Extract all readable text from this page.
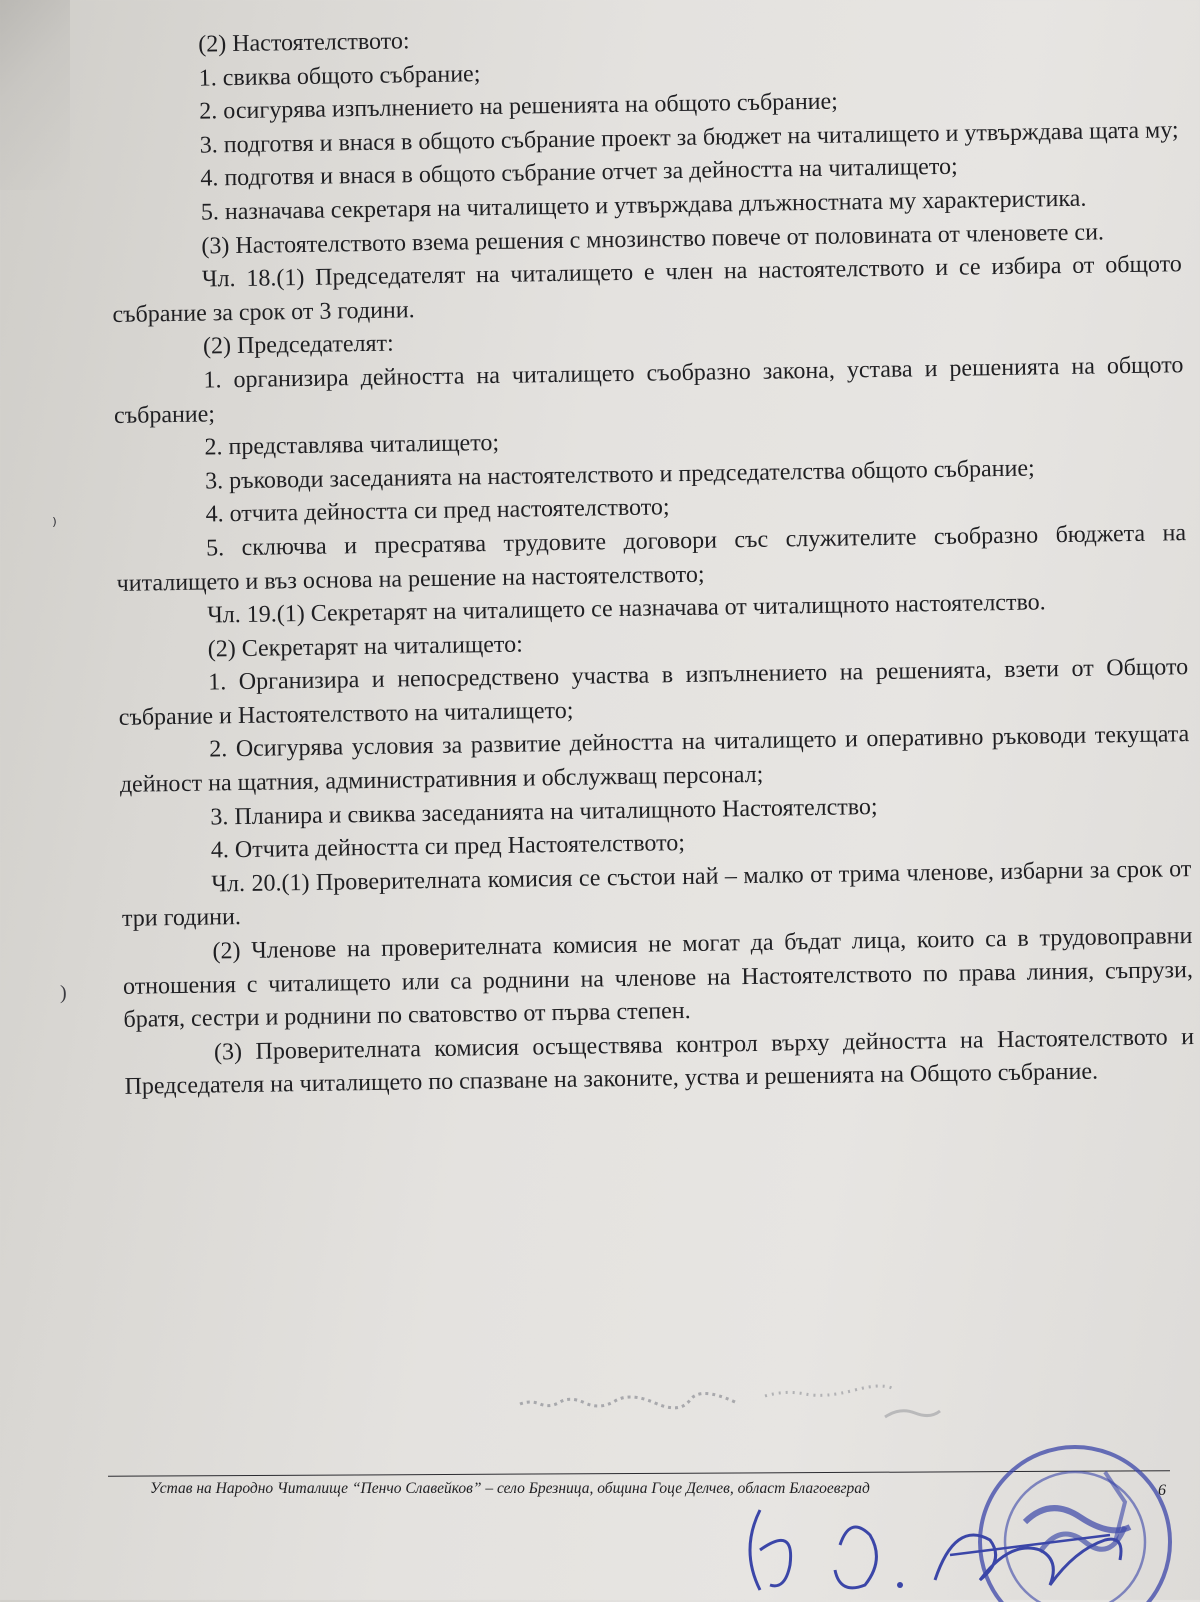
(2) Настоятелството:

1. свиква общото събрание;

2. осигурява изпълнението на решенията на общото събрание;

3. подготвя и внася в общото събрание проект за бюджет на читалището и утвърждава щата му;

4. подготвя и внася в общото събрание отчет за дейността на читалището;

5. назначава секретаря на читалището и утвърждава длъжностната му характеристика.

(3) Настоятелството взема решения с мнозинство повече от половината от членовете си.

Чл. 18.(1) Председателят на читалището е член на настоятелството и се избира от общото събрание за срок от 3 години.

(2) Председателят:

1. организира дейността на читалището съобразно закона, устава и решенията на общото събрание;

2. представлява читалището;

3. ръководи заседанията на настоятелството и председателства общото събрание;

4. отчита дейността си пред настоятелството;

5. сключва и пресратява трудовите договори със служителите съобразно бюджета на читалището и въз основа на решение на настоятелството;

Чл. 19.(1) Секретарят на читалището се назначава от читалищното настоятелство.

(2) Секретарят на читалището:

1. Организира и непосредствено участва в изпълнението на решенията, взети от Общото събрание и Настоятелството на читалището;

2. Осигурява условия за развитие дейността на читалището и оперативно ръководи текущата дейност на щатния, административния и обслужващ персонал;

3. Планира и свиква заседанията на читалищното Настоятелство;

4. Отчита дейността си пред Настоятелството;

Чл. 20.(1) Проверителната комисия се състои най – малко от трима членове, избарни за срок от три години.

(2) Членове на проверителната комисия не могат да бъдат лица, които са в трудовоправни отношения с читалището или са роднини на членове на Настоятелството по права линия, съпрузи, братя, сестри и роднини по сватовство от първа степен.

(3) Проверителната комисия осъществява контрол върху дейността на Настоятелството и Председателя на читалището по спазване на законите, уства и решенията на Общото събрание.

⁾
)
Устав на Народно Читалище “Пенчо Славейков” – село Брезница, община Гоце Делчев, област Благоевград	6
